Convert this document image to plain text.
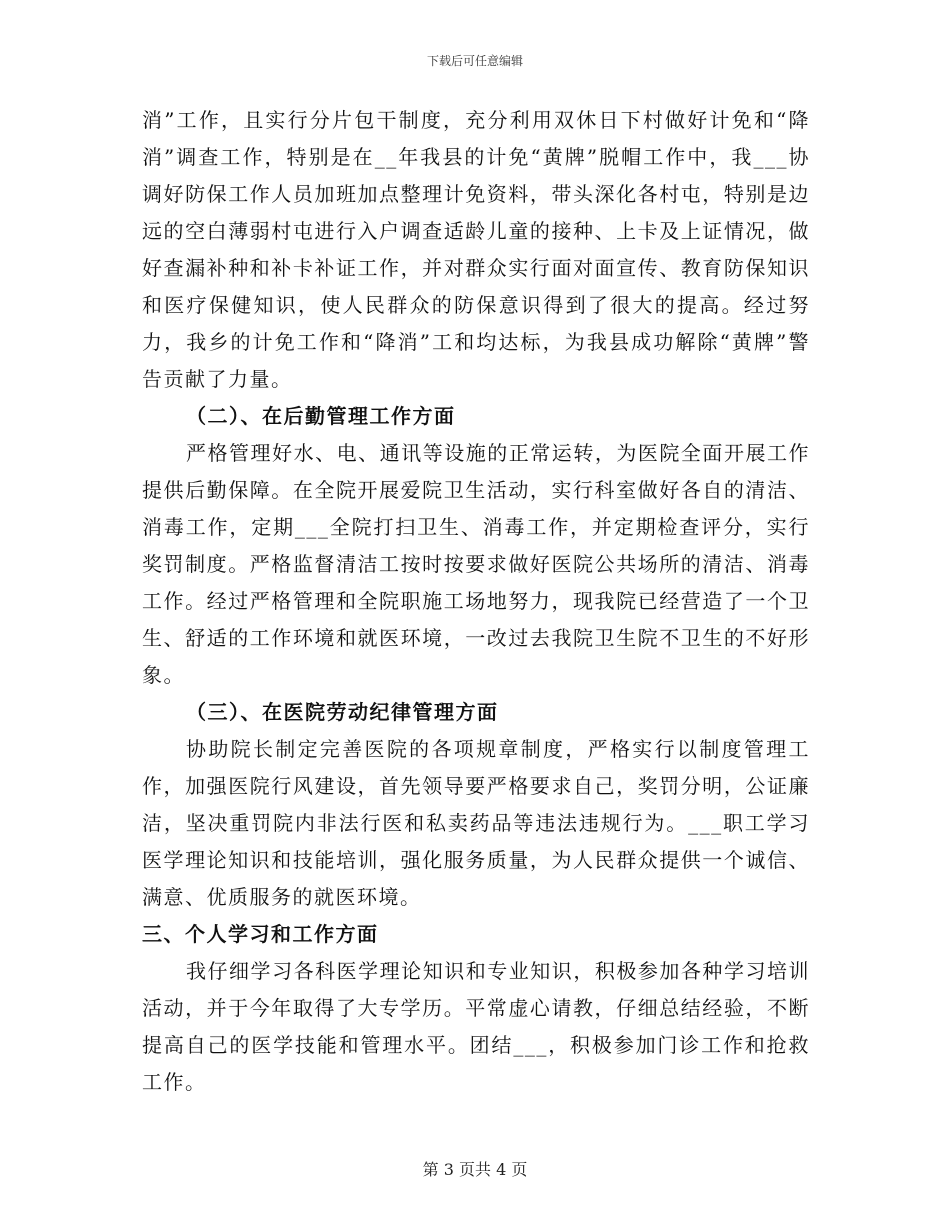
下载后可任意编辑

消”工作，且实行分片包干制度，充分利用双休日下村做好计免和“降消”调查工作，特别是在__年我县的计免“黄牌”脱帽工作中，我___协调好防保工作人员加班加点整理计免资料，带头深化各村屯，特别是边远的空白薄弱村屯进行入户调查适龄儿童的接种、上卡及上证情况，做好查漏补种和补卡补证工作，并对群众实行面对面宣传、教育防保知识和医疗保健知识，使人民群众的防保意识得到了很大的提高。经过努力，我乡的计免工作和“降消”工和均达标，为我县成功解除“黄牌”警告贡献了力量。

（二）、在后勤管理工作方面

严格管理好水、电、通讯等设施的正常运转，为医院全面开展工作提供后勤保障。在全院开展爱院卫生活动，实行科室做好各自的清洁、消毒工作，定期___全院打扫卫生、消毒工作，并定期检查评分，实行奖罚制度。严格监督清洁工按时按要求做好医院公共场所的清洁、消毒工作。经过严格管理和全院职施工场地努力，现我院已经营造了一个卫生、舒适的工作环境和就医环境，一改过去我院卫生院不卫生的不好形象。

（三）、在医院劳动纪律管理方面

协助院长制定完善医院的各项规章制度，严格实行以制度管理工作，加强医院行风建设，首先领导要严格要求自己，奖罚分明，公证廉洁，坚决重罚院内非法行医和私卖药品等违法违规行为。___职工学习医学理论知识和技能培训，强化服务质量，为人民群众提供一个诚信、满意、优质服务的就医环境。

三、个人学习和工作方面

我仔细学习各科医学理论知识和专业知识，积极参加各种学习培训活动，并于今年取得了大专学历。平常虚心请教，仔细总结经验，不断提高自己的医学技能和管理水平。团结___，积极参加门诊工作和抢救工作。

第 3 页共 4 页
